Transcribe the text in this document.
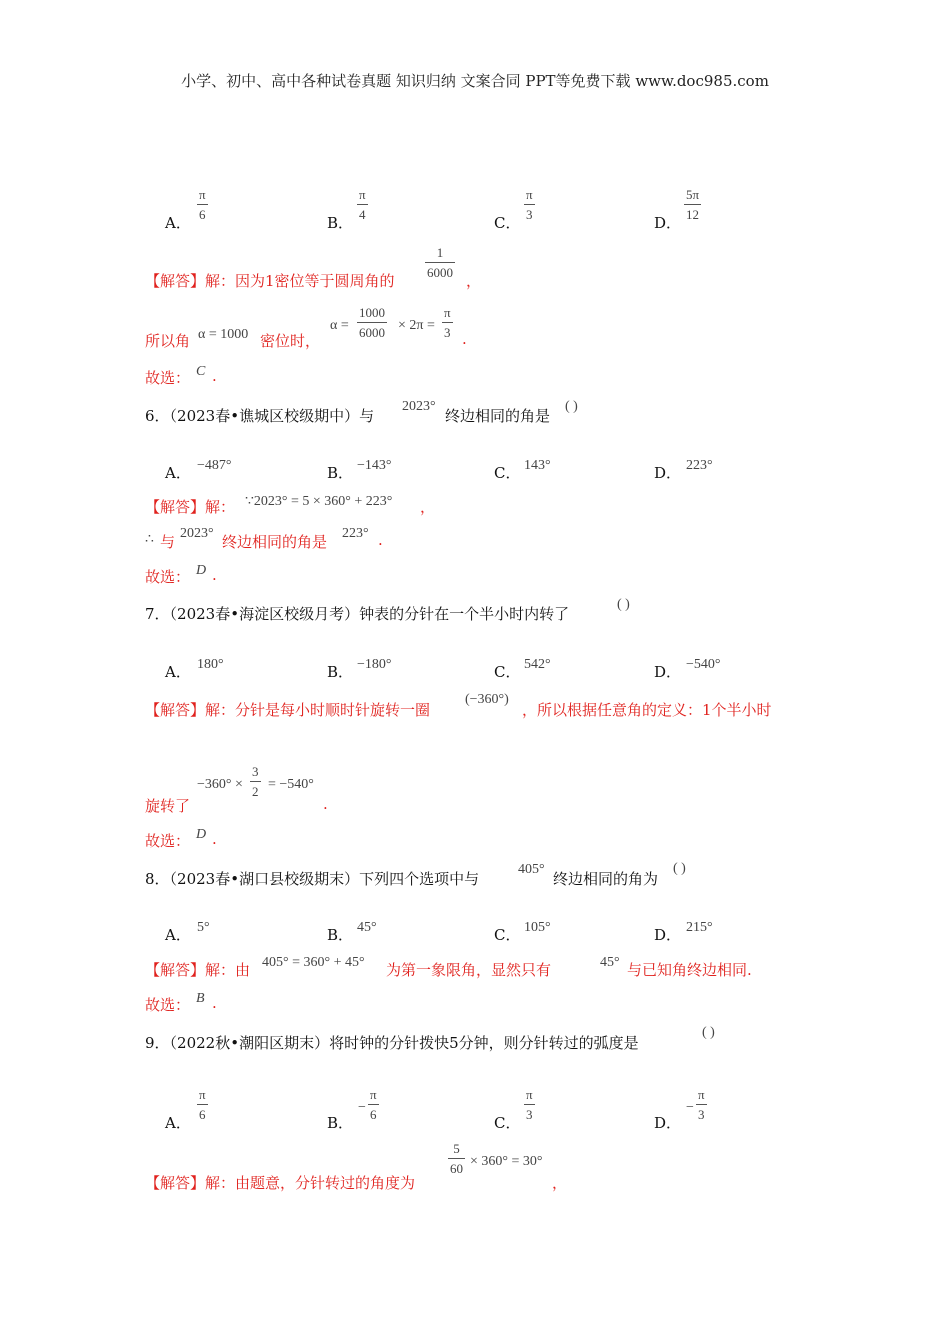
小学、初中、高中各种试卷真题 知识归纳 文案合同 PPT等免费下载 www.doc985.com
A．
π
6	B．
π
4	C．
π
3	D．
5π
12
【解答】解：因为1密位等于圆周角的
1
6000 ，
所以角 α = 1000 密位时，
α =
1000
6000 × 2π =
π
3 .
故选： C .
6．（2023春•谯城区校级期中）与
2023°
终边相同的角是
( )
A． −487°	B． −143°	C． 143°	D． 223°
【解答】解： ∵2023° = 5 × 360° + 223° ，
∴ 与 2023° 终边相同的角是 223° .
故选： D .
7．（2023春•海淀区校级月考）钟表的分针在一个半小时内转了
( )
A． 180°	B． −180°	C． 542°	D． −540°
【解答】解：分针是每小时顺时针旋转一圈
(−360°)
，所以根据任意角的定义：1个半小时
旋转了
−360° ×
3
2 = −540°
.
故选： D .
8．（2023春•湖口县校级期末）下列四个选项中与
405°
终边相同的角为
( )
A． 5°	B． 45°	C． 105°	D． 215°
【解答】解：由 405° = 360° + 45° 为第一象限角，显然只有	45° 与已知角终边相同.
故选： B .
9．（2022秋•潮阳区期末）将时钟的分针拨快5分钟，则分针转过的弧度是
( )
A．
π
6	B．
−
π
6	C．
π
3	D．
−
π
3
【解答】解：由题意，分针转过的角度为
5
60 × 360° = 30°
，
